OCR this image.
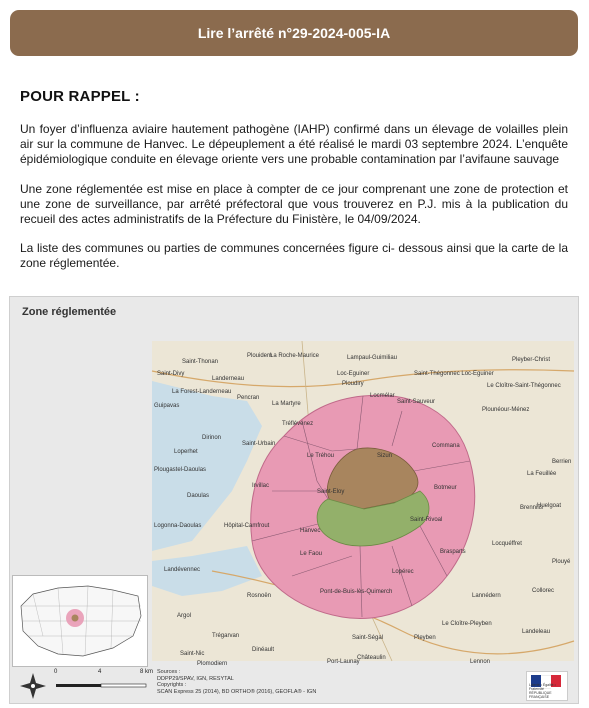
Lire l’arrêté n°29-2024-005-IA
POUR RAPPEL :
Un foyer d’influenza aviaire hautement pathogène (IAHP) confirmé dans un élevage de volailles plein air sur la commune de Hanvec. Le dépeuplement a été réalisé le mardi 03 septembre 2024. L’enquête épidémiologique conduite en élevage oriente vers une probable contamination par l’avifaune sauvage
Une zone réglementée est mise en place à compter de ce jour comprenant une zone de protection et une zone de surveillance, par arrêté préfectoral que vous trouverez en P.J. mis à la publication du recueil des actes administratifs de la Préfecture du Finistère, le 04/09/2024.
La liste des communes ou parties de communes concernées figure ci- dessous ainsi que la carte de la zone réglementée.
Zone réglementée
Plouidern
Saint-Thonan
La Roche-Maurice	Lampaul-Guimiliau	Pleyber-Christ
Saint-Divy
Landerneau
Loc-Eguiner	Saint-Thégonnec Loc-Eguiner
Ploudiry
La Forest-Landerneau
Pencran	Locmélar
Le Cloître-Saint-Thégonnec
Guipavas	La Martyre	Saint-Sauveur
Plounéour-Ménez
Tréflévénez
Dirinon
Saint-Urbain	Commana
Loperhet
Le Tréhou	Sizun
Berrien
Plougastel-Daoulas
La Feuillée
Irvillac
Saint-Eloy
Botmeur
Daoulas
Brennilis
Huelgoat
Logonna-Daoulas	Hôpital-Camfrout
Hanvec
Saint-Rivoal
Le Faou	Brasparts
Locquéffret
Plouyé
Landévennec	Lopérec
Rosnoën
Pont-de-Buis-lès-Quimerch
Lannédern
Collorec
Argol
Le Cloître-Pleyben
Trégarvan	Saint-Ségal	Pleyben
Landeleau
Dinéault
Saint-Nic
Port-Launay
Châteaulin
Lennon
Plomodiern
0	4	8 km Sources :
DDPP29/SPAV, IGN, RESYTAL
Copyrights :
SCAN Express 25 (2014), BD ORTHO® (2016), GEOFLA® - IGN
Liberté • Égalité • Fraternité
RÉPUBLIQUE FRANÇAISE
